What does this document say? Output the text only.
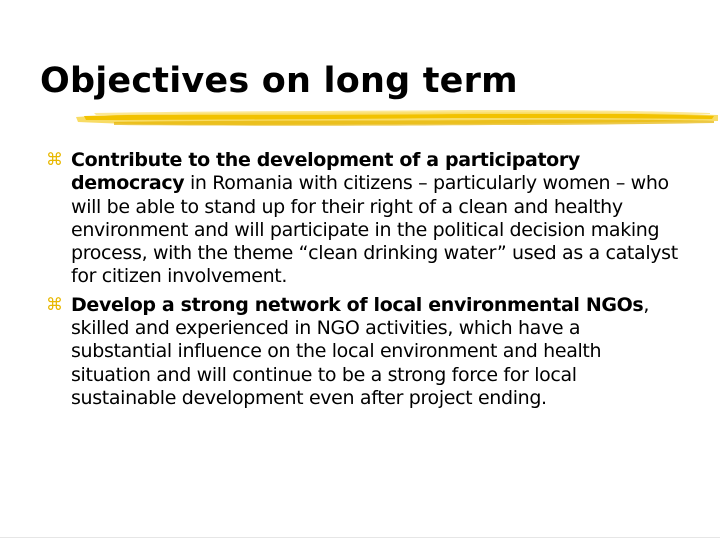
Objectives on long term
⌘ Contribute to the development of a participatory democracy in Romania with citizens – particularly women – who will be able to stand up for their right of a clean and healthy environment and will participate in the political decision making process, with the theme “clean drinking water” used as a catalyst for citizen involvement.
⌘ Develop a strong network of local environmental NGOs, skilled and experienced in NGO activities, which have a substantial influence on the local environment and health situation and will continue to be a strong force for local sustainable development even after project ending.
